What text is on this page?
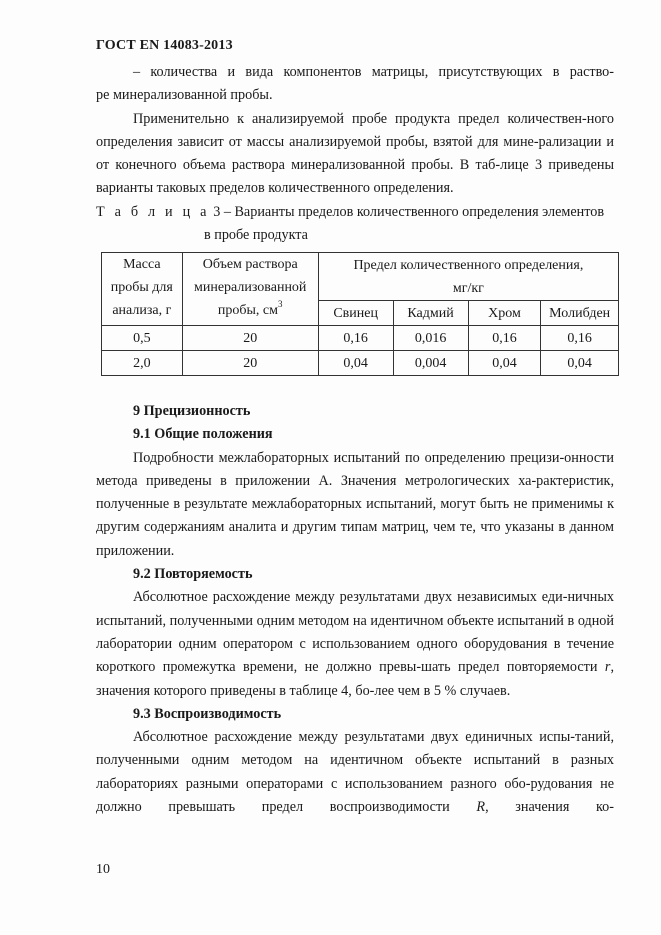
ГОСТ EN 14083-2013

– количества и вида компонентов матрицы, присутствующих в раство-

ре минерализованной пробы.

Применительно к анализируемой пробе продукта предел количествен-ного определения зависит от массы анализируемой пробы, взятой для мине-рализации и от конечного объема раствора минерализованной пробы. В таб-лице 3 приведены варианты таковых пределов количественного определения.

Т а б л и ц а 3 – Варианты пределов количественного определения элементов

в пробе продукта

Масса
пробы для
анализа, г	Объем раствора
минерализованной
пробы, $см^3$	Предел количественного определения,
мг/кг			

		Свинец	Кадмий	Хром	Молибден
0,5	20	0,16	0,016	0,16	0,16
2,0	20	0,04	0,004	0,04	0,04

9 Прецизионность

9.1 Общие положения

Подробности межлабораторных испытаний по определению прецизи-онности метода приведены в приложении А. Значения метрологических ха-рактеристик, полученные в результате межлабораторных испытаний, могут быть не применимы к другим содержаниям аналита и другим типам матриц, чем те, что указаны в данном приложении.

9.2 Повторяемость

Абсолютное расхождение между результатами двух независимых еди-ничных испытаний, полученными одним методом на идентичном объекте испытаний в одной лаборатории одним оператором с использованием одного оборудования в течение короткого промежутка времени, не должно превы-шать предел повторяемости r, значения которого приведены в таблице 4, бо-лее чем в 5 % случаев.

9.3 Воспроизводимость

Абсолютное расхождение между результатами двух единичных испы-таний, полученными одним методом на идентичном объекте испытаний в разных лабораториях разными операторами с использованием разного обо-рудования не должно превышать предел воспроизводимости R, значения ко-

10
